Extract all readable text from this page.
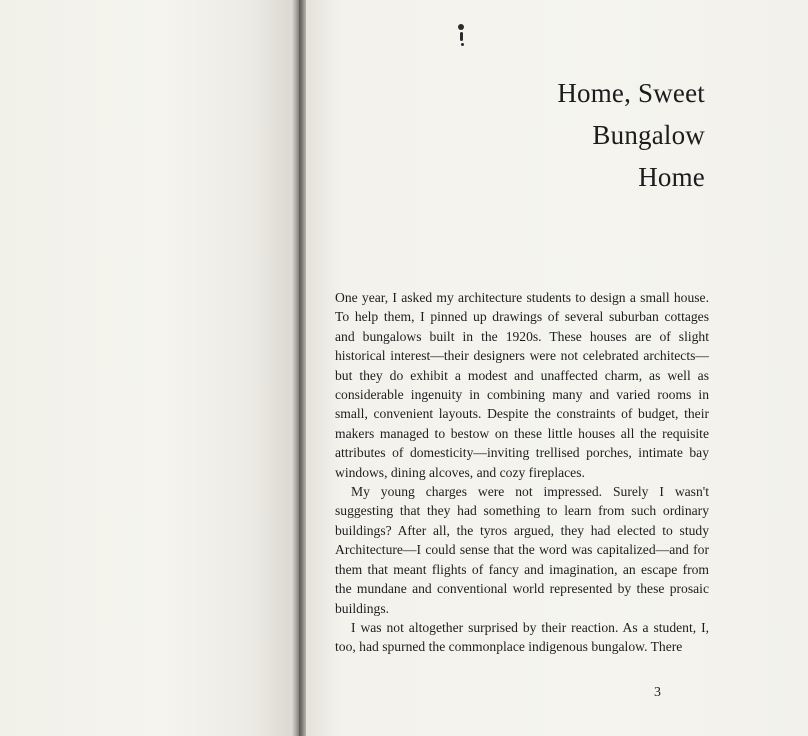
Home, Sweet
Bungalow
Home

One year, I asked my architecture students to design a small house. To help them, I pinned up drawings of several suburban cottages and bungalows built in the 1920s. These houses are of slight historical interest—their designers were not celebrated architects—but they do exhibit a modest and unaffected charm, as well as considerable ingenuity in combining many and varied rooms in small, convenient layouts. Despite the constraints of budget, their makers managed to bestow on these little houses all the requisite attributes of domesticity—inviting trellised porches, intimate bay windows, dining alcoves, and cozy fireplaces.

My young charges were not impressed. Surely I wasn't suggesting that they had something to learn from such ordinary buildings? After all, the tyros argued, they had elected to study Architecture—I could sense that the word was capitalized—and for them that meant flights of fancy and imagination, an escape from the mundane and conventional world represented by these prosaic buildings.

I was not altogether surprised by their reaction. As a student, I, too, had spurned the commonplace indigenous bungalow. There

3
